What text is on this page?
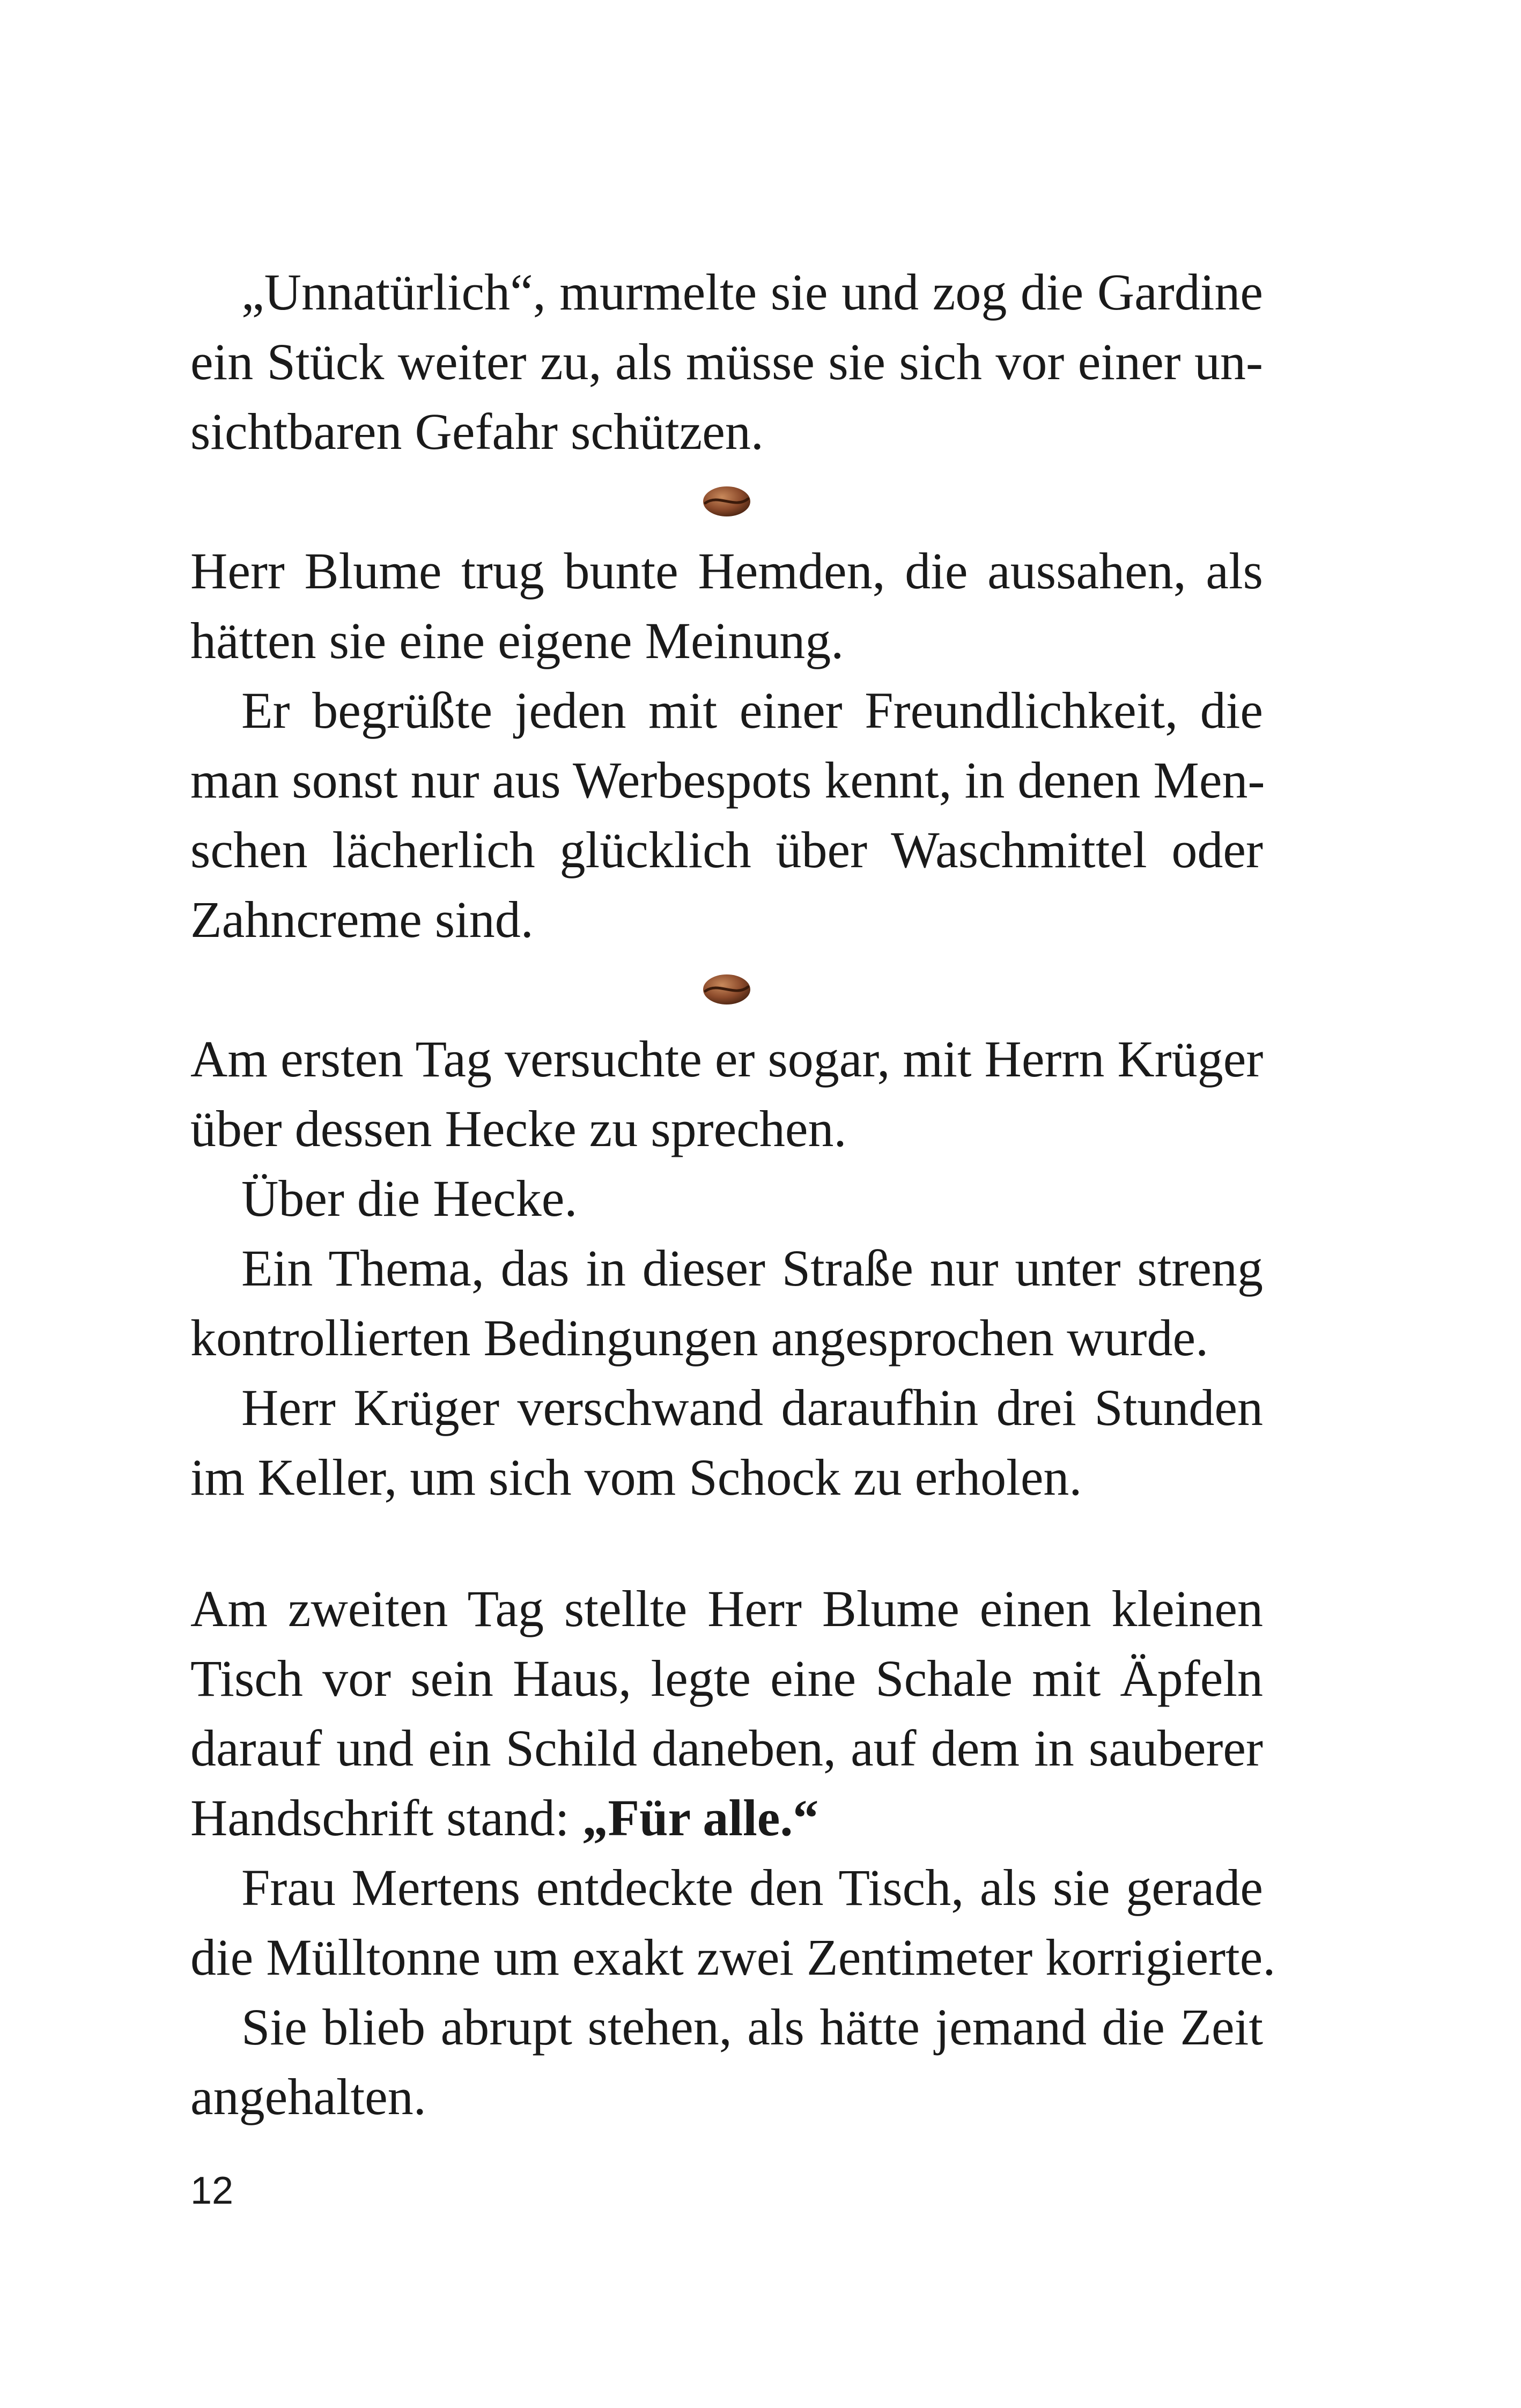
„Unnatürlich“, murmelte sie und zog die Gardine

ein Stück weiter zu, als müsse sie sich vor einer un-

sichtbaren Gefahr schützen.

Herr Blume trug bunte Hemden, die aussahen, als

hätten sie eine eigene Meinung.

Er begrüßte jeden mit einer Freundlichkeit, die

man sonst nur aus Werbespots kennt, in denen Men-

schen lächerlich glücklich über Waschmittel oder

Zahncreme sind.

Am ersten Tag versuchte er sogar, mit Herrn Krüger

über dessen Hecke zu sprechen.

Über die Hecke.

Ein Thema, das in dieser Straße nur unter streng

kontrollierten Bedingungen angesprochen wurde.

Herr Krüger verschwand daraufhin drei Stunden

im Keller, um sich vom Schock zu erholen.

Am zweiten Tag stellte Herr Blume einen kleinen

Tisch vor sein Haus, legte eine Schale mit Äpfeln

darauf und ein Schild daneben, auf dem in sauberer

Handschrift stand: „Für alle.“

Frau Mertens entdeckte den Tisch, als sie gerade

die Mülltonne um exakt zwei Zentimeter korrigierte.

Sie blieb abrupt stehen, als hätte jemand die Zeit

angehalten.

12
